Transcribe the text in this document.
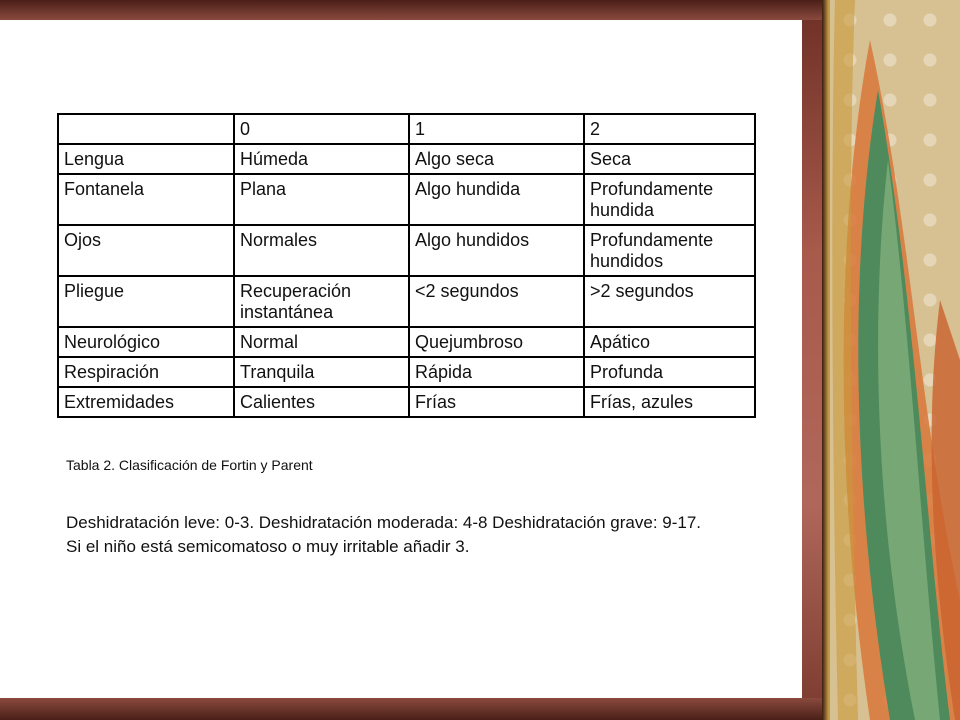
	0	1	2
Lengua	Húmeda	Algo seca	Seca
Fontanela	Plana	Algo hundida	Profundamente hundida
Ojos	Normales	Algo hundidos	Profundamente hundidos
Pliegue	Recuperación instantánea	<2 segundos	>2 segundos
Neurológico	Normal	Quejumbroso	Apático
Respiración	Tranquila	Rápida	Profunda
Extremidades	Calientes	Frías	Frías, azules
Tabla 2. Clasificación de Fortin y Parent
Deshidratación leve: 0-3. Deshidratación moderada: 4-8 Deshidratación grave: 9-17.
Si el niño está semicomatoso o muy irritable añadir 3.
